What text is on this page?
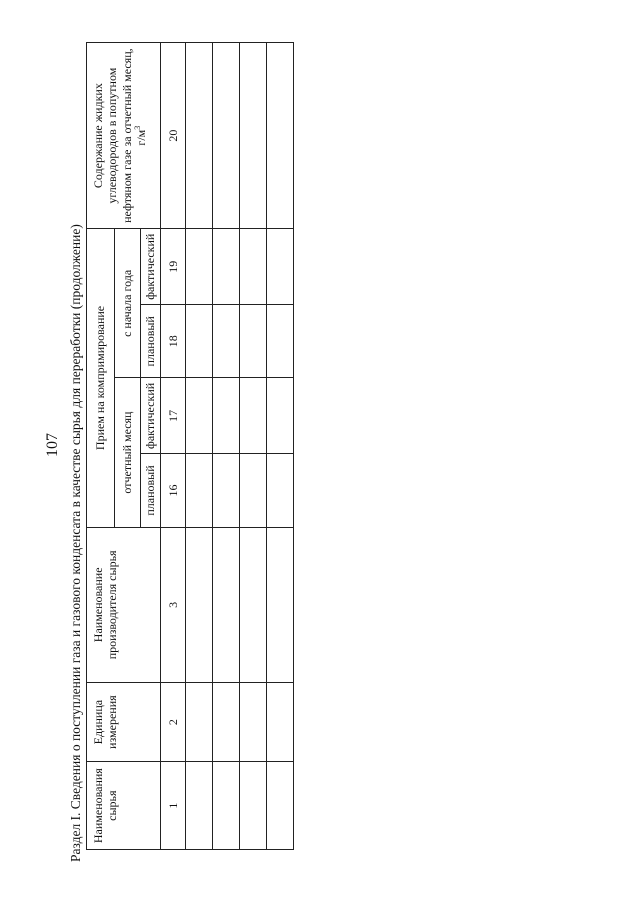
107 Раздел I. Сведения о поступлении газа и газового конденсата в качестве сырья для переработки (продолжение) Наименования сырья	Единица измерения	Наименование производителя сырья	Прием на компримирование				Содержание жидких углеводородов в попутном нефтяном газе за отчетный месяц, $г/м^3$
			отчетный месяц		с начала года		
			плановый	фактический	плановый	фактический	
1	2	3	16	17	18	19	20
